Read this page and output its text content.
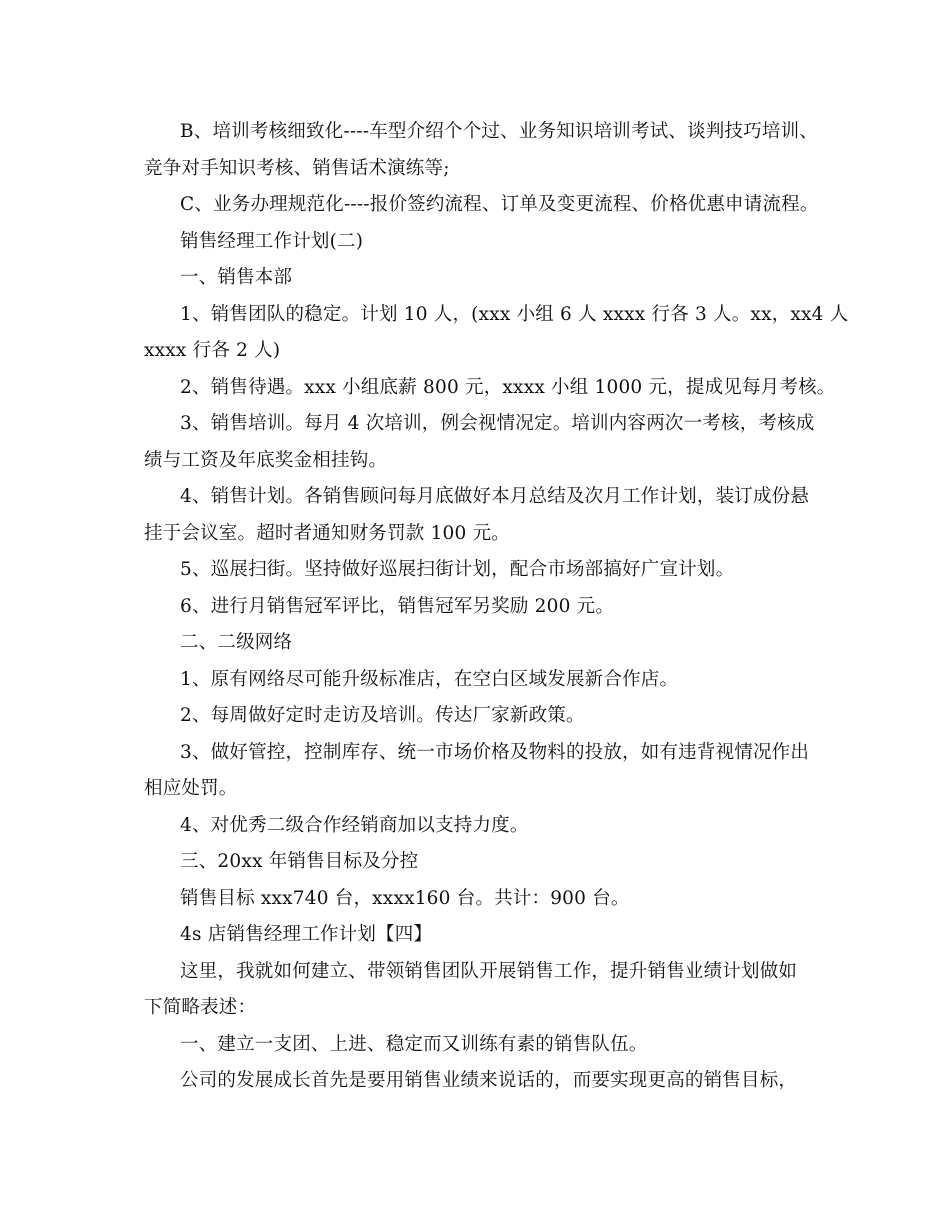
B、培训考核细致化----车型介绍个个过、业务知识培训考试、谈判技巧培训、
竞争对手知识考核、销售话术演练等;
C、业务办理规范化----报价签约流程、订单及变更流程、价格优惠申请流程。
销售经理工作计划(二)
一、销售本部
1、销售团队的稳定。计划 10 人，(xxx 小组 6 人 xxxx 行各 3 人。xx，xx4 人
xxxx 行各 2 人)
2、销售待遇。xxx 小组底薪 800 元，xxxx 小组 1000 元，提成见每月考核。
3、销售培训。每月 4 次培训，例会视情况定。培训内容两次一考核，考核成
绩与工资及年底奖金相挂钩。
4、销售计划。各销售顾问每月底做好本月总结及次月工作计划，装订成份悬
挂于会议室。超时者通知财务罚款 100 元。
5、巡展扫街。坚持做好巡展扫街计划，配合市场部搞好广宣计划。
6、进行月销售冠军评比，销售冠军另奖励 200 元。
二、二级网络
1、原有网络尽可能升级标准店，在空白区域发展新合作店。
2、每周做好定时走访及培训。传达厂家新政策。
3、做好管控，控制库存、统一市场价格及物料的投放，如有违背视情况作出
相应处罚。
4、对优秀二级合作经销商加以支持力度。
三、20xx 年销售目标及分控
销售目标 xxx740 台，xxxx160 台。共计：900 台。
4s 店销售经理工作计划【四】
这里，我就如何建立、带领销售团队开展销售工作，提升销售业绩计划做如
下简略表述：
一、建立一支团、上进、稳定而又训练有素的销售队伍。
公司的发展成长首先是要用销售业绩来说话的，而要实现更高的销售目标，
